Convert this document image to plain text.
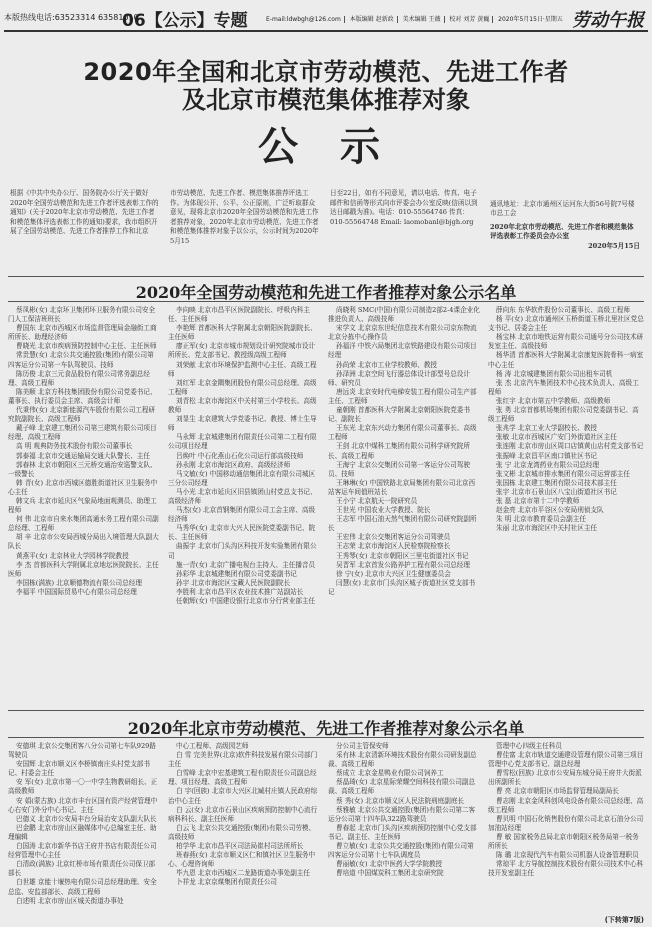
本版热线电话:63523314 63581010
06【公示】专题	E-mail:ldwbgh@126.com 本版编辑 赵新政 美术编辑 王薇 校对 刘芳 黄巍 2020年5月15日·星期五 劳动午报
2020年全国和北京市劳动模范、先进工作者
及北京市模范集体推荐对象
公 示
根据《中共中央办公厅、国务院办公厅关于做好2020年全国劳动模范和先进工作者评选表彰工作的通知》(关于2020年北京市劳动模范、先进工作者和模范集体评选表彰工作的通知)要求，我市组织开展了全国劳动模范、先进工作者推荐工作和北京
市劳动模范、先进工作者、模范集体推荐评选工作。为体现公开、公平、公正原则，广泛听取群众意见，现将北京市2020年全国劳动模范和先进工作者推荐对象，2020年北京市劳动模范、先进工作者和模范集体推荐对象予以公示，公示时间为2020年5月15
日至22日，如有不同意见，请以电话、传真、电子邮件和信函等形式向市评委会办公室反映(信函以到达日邮戳为准)。电话：010-55564746 传真：010-55564748 Email: laomobanl@bjgh.org

通讯地址：北京市通州区运河东大街56号院7号楼市总工会

2020年北京市劳动模范、先进工作者和模范集体评选表彰工作委员会办公室

2020年5月15日

2020年全国劳动模范和先进工作者推荐对象公示名单

蔡凤彬(女) 北京环卫集团环卫服务有限公司安全门人工保洁班班长

曹国东 北京市西城区市场监督管理局金融街工商所所长、助理经济师

曹晓光 北京市疾病预防控制中心主任、主任医师

常贵慧(女) 北京公共交通控股(集团)有限公司第四客运分公司第一车队驾驶员、技师

陈历俊 北京三元食品股份有限公司常务副总经理、高级工程师

陈美顺 北京方科技集团股份有限公司党委书记、董事长、执行委员会主席、高级会计师

代秉伟(女) 北京新能源汽车股份有限公司工程研究院副院长、高级工程师

戴子峰 北京建工集团公司第三建筑有限公司项目经理、高级工程师

高 明 观典防务技术股份有限公司董事长

郭泰福 北京市交通运输局交通大队警长、主任

郭春林 北京市朝阳区三元桥交通治安巡警支队、一级警长

韩 青(女) 北京市西城区德胜街道社区卫生服务中心主任

韩文兵 北京市延庆区气象局地面观测员、助理工程师

何 伟 北京市自来水集团高通水务工程有限公司副总经理、工程师

胡 辛 北京市公安局西城分局出入境管理大队副大队长

黄燕平(女) 北京林业大学园林学院教授

李 杰 首都医科大学附属北京地坛医院院长、主任医师

李国栋(满族) 北京顺德物流有限公司总经理

李福平 中国国际贸易中心有限公司总经理

李向映 北京市昌平区医院副院长、呼吸内科主任、主任医师

李艳辉 首都医科大学附属北京朝阳医院副院长、主任医师

廖正军(女) 北京市城市规划设计研究院城市设计所所长、党支部书记、教授级高级工程师

刘荣献 北京市环境保护监测中心主任、高级工程师

刘红军 北京金隅集团股份有限公司总经理、高级工程师

刘青松 北京市海淀区中关村第三小学校长、高级教师

刘显生 北京建筑大学党委书记、教授、博士生导师

马永辉 北京城建集团有限责任公司第二工程有限公司项目经理

吕焕叶 中石化燕山石化公司运行部高级技师

孙永刚 北京市海淀区政府、高级经济师

马文敏(女) 中国移动通信集团北京有限公司城区三分公司经理

马小光 北京市延庆区旧县镇团山村党总支书记、高级经济师

马杰(女) 北京首钢集团有限公司工会主席、高级经济师

马秀华(女) 北京市大兴人民医院党委副书记、院长、主任医师

曲振宇 北京市门头沟区科技开发实验集团有限公司

施一青(女) 北京广播电视台主持人、主任播音员

孙彩华 北京城建集团有限公司党委副书记

孙宇 北京市海淀区宝藏人民医院副院长

李胜利 北京市昌平区农业技术推广站副站长

任朝辉(女) 中国建设银行北京市分行营业部主任

尚晓利 SMC(中国)有限公司制造2部2-4课企业化推进负责人、高级技师

宋学文 北京京东世纪信息技术有限公司京东物流北京分拣中心操作员

孙福洋 中铁六局集团北京铁路建设有限公司项目经理

孙尚荣 北京市工业学校教师、教授

孙泽洲 北京空间飞行器总体设计部型号总设计师、研究员

唐远炎 北京安时代电梯安装工程有限公司生产部主任、工程师

童朝刚 首都医科大学附属北京朝阳医院党委书记、副院长

王东光 北京东兴动力集团有限公司董事长、高级工程师

王剑 北京中煤科工集团有限公司科学研究院所长、高级工程师

王海宁 北京公交集团公司第一客运分公司驾驶员、技师

王琳琳(女) 中国铁路北京局集团有限公司北京西站客运车间值班站长

王小宁 北京航天一院研究员

王世光 中国农业大学教授、院长

王志军 中国石油天然气集团有限公司研究院副所长

王宏伟 北京公交集团客运分公司驾驶员

王志荣 北京市海淀区人民检察院检察长

王秀琴(女) 北京市朝阳区三里屯街道社区书记

吴晋军 北京首发公路养护工程有限公司总经理

徐 宁(女) 北京市大兴区卫生健康委员会

闫慧(女) 北京市门头沟区城子街道社区党支部书记

薛向东 东华软件股份公司董事长、高级工程师

杨 平(女) 北京市通州区玉桥街道玉桥北里社区党总支书记、居委会主任

杨宝林 北京市地铁运营有限公司通号分公司技术研发室主任、高级技师

杨华清 首都医科大学附属北京康复医院骨科一病室中心主任

杨 涛 北京城建集团有限公司出租车司机

张 杰 北京汽车集团技术中心技术负责人、高级工程师

张红宇 北京市第五中学教师、高级教师

张 勇 北京首都机场集团有限公司党委副书记、高级工程师

张兆学 北京工业大学副校长、教授

张敏 北京市西城区广安门外街道社区主任

张连刚 北京市房山区周口店镇黄山店村党支部书记

张振峰 北京昌平区南口镇社区书记

张 宁 北京龙湾药业有限公司总经理

张文彬 北京城市排水集团有限公司运营部主任

张国栋 北京建工集团有限公司技术部主任

张宇 北京市石景山区八宝山街道社区书记

张 磊 北京市第十二中学教师

赵金亮 北京市平谷区公安局刑侦支队

朱 明 北京市教育委员会副主任

朱丽 北京市海淀区中关村社区主任

2020年北京市劳动模范、先进工作者推荐对象公示名单

安德琪 北京公交集团客八分公司第七车队929路驾驶员

安国辉 北京市顺义区李桥镇南庄头村党支部书记、村委会主任

安 军(女) 北京市第一〇一中学生物教研组长、正高级教师

安 娟(蒙古族) 北京市丰台区国有资产经营管理中心右安门外分中心书记、主任

巴德义 北京市公安局丰台分局治安支队副大队长

巴金鹏 北京市房山区融媒体中心总编室主任、助理编辑

白国涛 北京市新华书店王府井书店有限责任公司经营管理中心主任

白清政(满族) 北京红桥市场有限责任公司保卫部部长

白世雄 京能十堰热电有限公司总经理助理、安全总监、安监部部长、高级工程师

白述明 北京市房山区城关街道办事处

中心工程师、高级园艺师

白 雪 完美世界(北京)软件科技发展有限公司部门主任

白雪峰 北京中宏基建筑工程有限责任公司副总经理、项目经理、高级工程师

白 宇(回族) 北京市大兴区北臧村庄镇人民政府综治中心主任

白 云(女) 北京市石景山区疾病预防控制中心流行病科科长、副主任医师

白云飞 北京公共交通控股(集团)有限公司劳模、高级技师

柏学华 北京市昌平区司法局崔村司法所所长

班春燕(女) 北京市顺义区仁和镇社区卫生服务中心、心理咨询师

毕九恩 北京市西城区二龙路街道办事处副主任

卜祥龙 北京京煤集团有限责任公司

分公司主管保安师

采有林 北京清新环境技术股份有限公司研发副总裁、高级工程师

蔡成立 北京金星鸭业有限公司饲养工

蔡晶琦(女) 北京星际荣耀空间科技有限公司副总裁、高级工程师

蔡 秀(女) 北京市顺义区人民法院刑庭副庭长

蔡雅敏 北京公共交通控股(集团)有限公司第二客运分公司第十四车队322路驾驶员

曹春起 北京市门头沟区疾病预防控制中心党支部书记、副主任、主任医师

曹立敏(女) 北京公共交通控股(集团)有限公司第四客运分公司第十七车队调度员

曹丽敏(女) 北京中医药大学学院教授

曹培道 中国煤炭科工集团北京研究院

管理中心四级主任科员

曹佳富 北京市轨道交通建设管理有限公司第三项目管理中心党支部书记、副总经理

曹雪松(回族) 北京市公安局东城分局王府井大街派出所副所长

曹 亮 北京市朝阳区市场监督管理局副局长

曹志刚 北京金风科创风电设备有限公司总经理、高级工程师

曹贝明 中国石化销售股份有限公司北京石油分公司加油站经理

曹 敏 国家税务总局北京市朝阳区税务局第一税务所所长

陈 璐 北京现代汽车有限公司机器人设备管理职员

常琼平 北方导航控制技术股份有限公司技术中心科技开发室副主任

(下转第7版)
